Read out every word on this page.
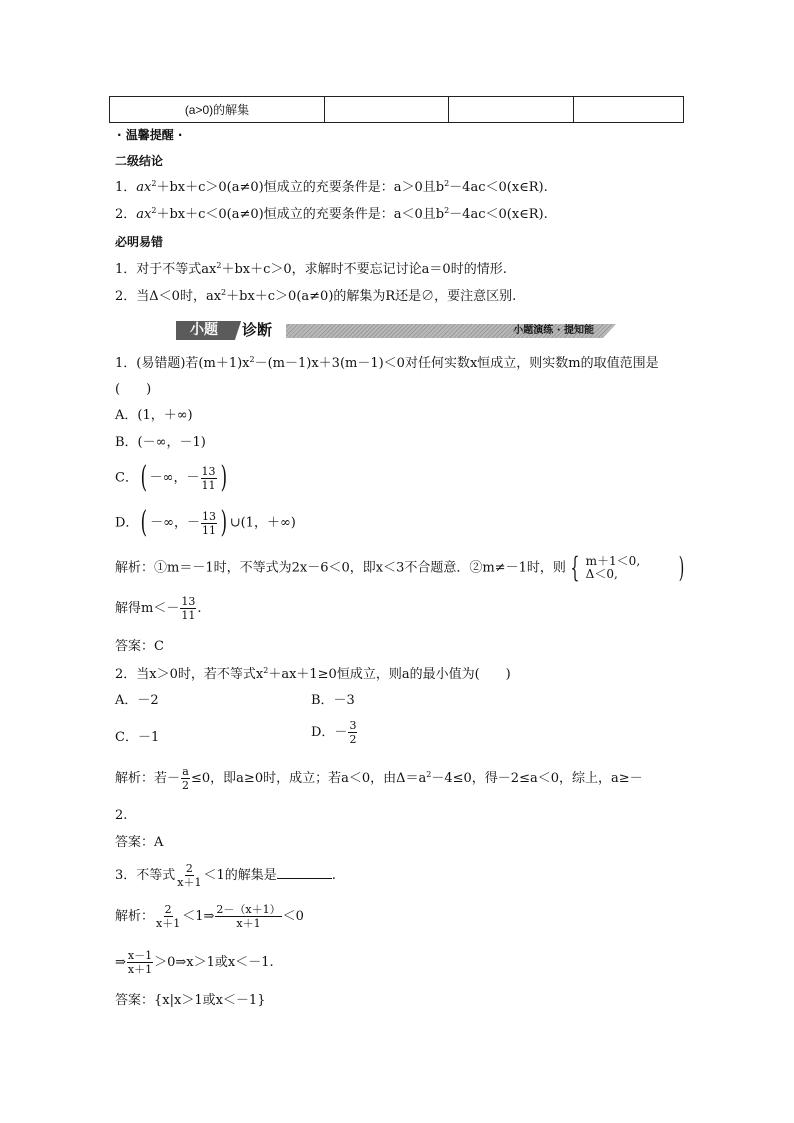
(a>0)的解集
· 温馨提醒 ·
二级结论
1．$ax^2+bx+c>0(a\ne 0)$恒成立的充要条件是：a＞0且$b^2-4ac<0(x\in R)$.
2．$ax^2+bx+c<0(a\ne 0)$恒成立的充要条件是：a＜0且$b^2-4ac<0(x\in R)$.
必明易错
1．对于不等式$ax^2+bx+c>0$，求解时不要忘记讨论a＝0时的情形.
2．当Δ＜0时，$ax^2+bx+c>0(a\ne 0)$的解集为R还是∅，要注意区别.
小题	诊断	小题演练 · 提知能
1．(易错题)若$(m+1)x^2-(m-1)x+3(m-1)<0$对任何实数x恒成立，则实数m的取值范围是
(　　)
A．(1，＋∞)
B．(－∞，－1)
C．( －∞，－ $\frac{13}{11}$ )
D．( －∞，－ $\frac{13}{11}$ ) ∪(1，＋∞)
解析：①m＝－1时，不等式为2x－6＜0，即x＜3不合题意．②m≠－1时，则 { m＋1＜0,
Δ＜0,	)
解得$m<- \frac{13}{11}$ .
答案：C
2．当x＞0时，若不等式$x^2+ax+1\ge 0$恒成立，则a的最小值为(　　)
A．－2	B．－3
C．－1	D．－ $\frac{3}{2}$
解析：若－ $\frac{a}{2} \le 0$，即a≥0时，成立；若a＜0，由$\Delta=a^2-4\le 0$，得－2≤a＜0，综上，a≥－
2.
答案：A
3．不等式 $\frac{2}{x+1} <1$的解集是	.
解析： $\frac{2}{x+1}$ ＜1⇒ $\frac{2-(x+1)}{x+1} <0$
⇒ $\frac{x-1}{x+1}$ ＞0⇒x＞1或x＜－1.
答案：{x|x＞1或x＜－1}
